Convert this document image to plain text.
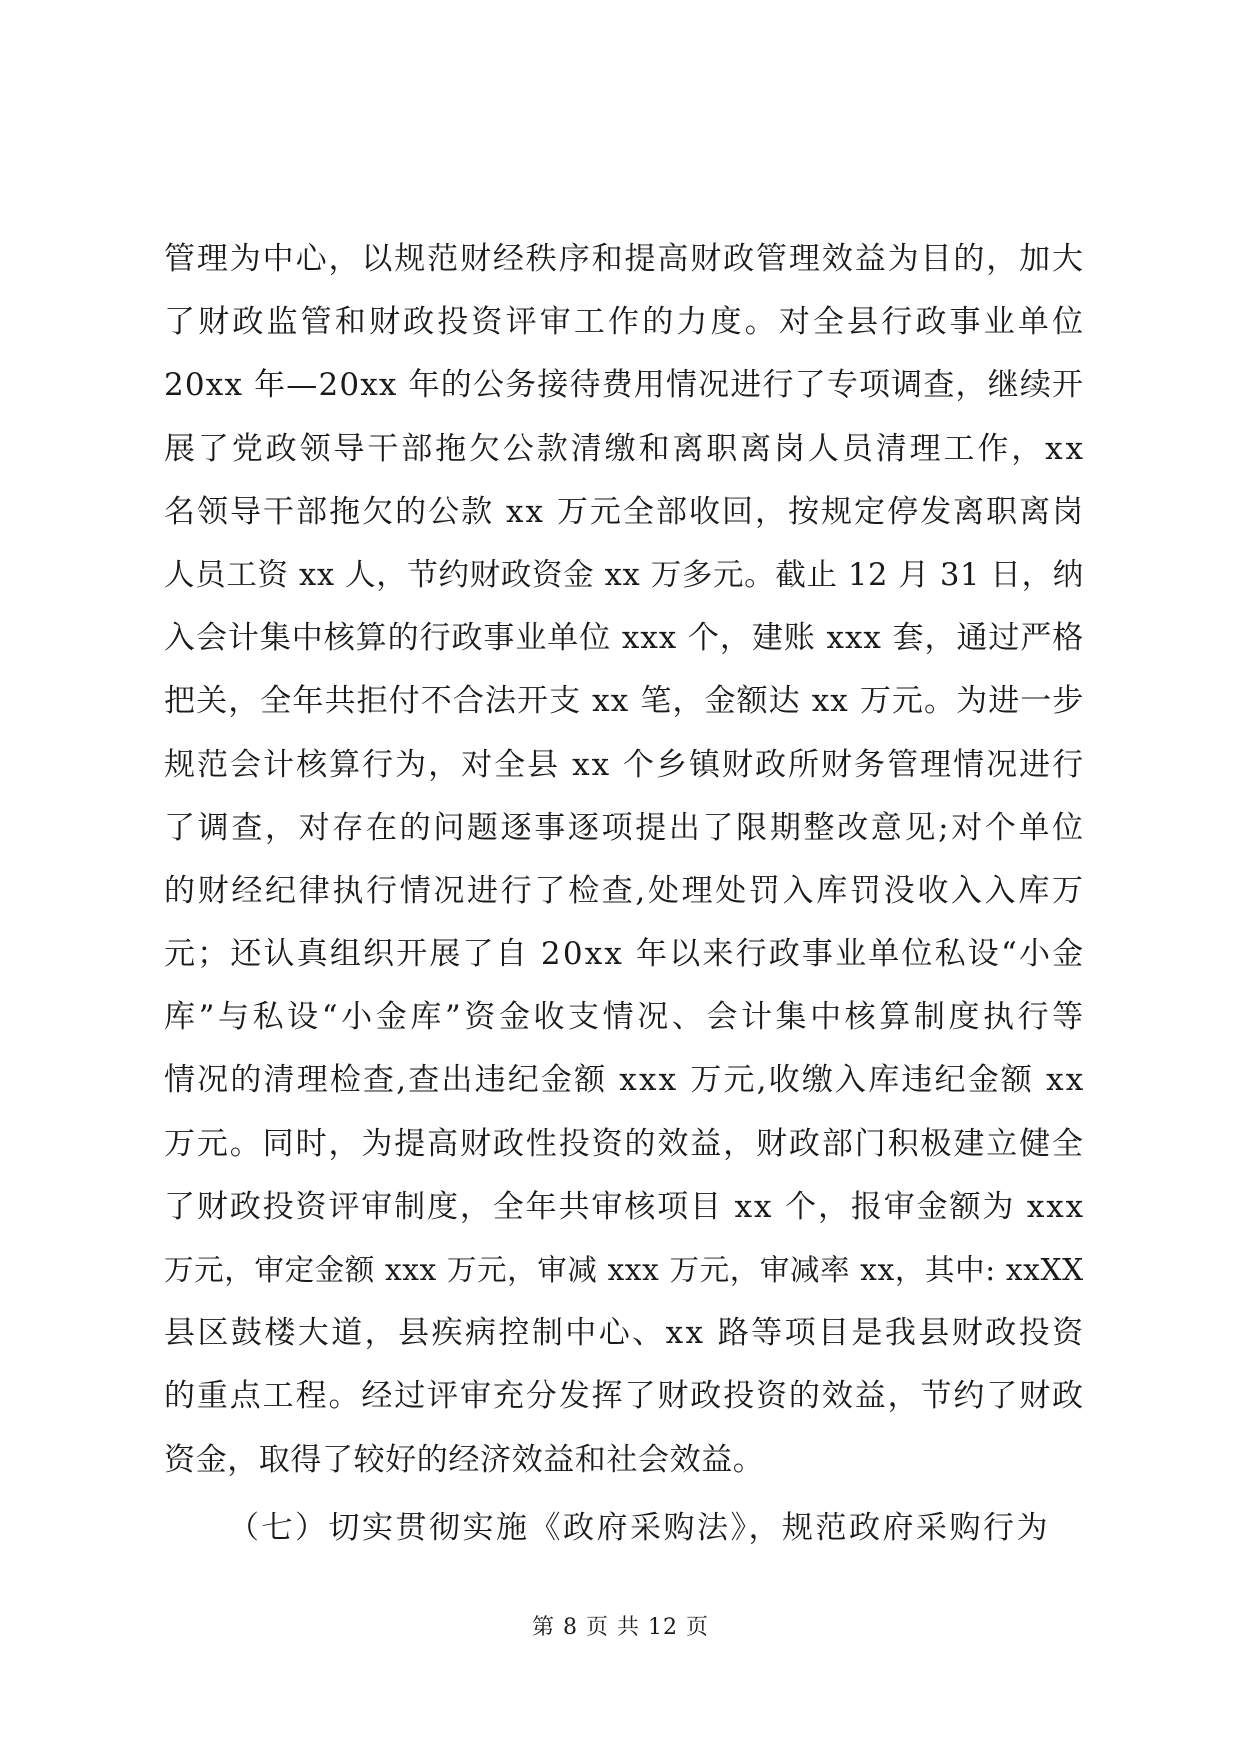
管 理 为 中 心 ， 以 规 范 财 经 秩 序 和 提 高 财 政 管 理 效 益 为 目 的 ， 加 大
了 财 政 监 管 和 财 政 投 资 评 审 工 作 的 力 度 。 对 全 县 行 政 事 业 单 位
2 0 x x
年 — 2 0 x x
年 的 公 务 接 待 费 用 情 况 进 行 了 专 项 调 查 ， 继 续 开
展 了 党 政 领 导 干 部 拖 欠 公 款 清 缴 和 离 职 离 岗 人 员 清 理 工 作 ， x x
名 领 导 干 部 拖 欠 的 公 款
x x
万 元 全 部 收 回 ， 按 规 定 停 发 离 职 离 岗
人 员 工 资
x x
人 ， 节 约 财 政 资 金
x x
万 多 元 。 截 止
1 2
月
3 1
日 ， 纳
入 会 计 集 中 核 算 的 行 政 事 业 单 位
x x x
个 ， 建 账
x x x
套 ， 通 过 严 格
把 关 ， 全 年 共 拒 付 不 合 法 开 支
x x
笔 ， 金 额 达
x x
万 元 。 为 进 一 步
规 范 会 计 核 算 行 为 ， 对 全 县
x x
个 乡 镇 财 政 所 财 务 管 理 情 况 进 行
了 调 查 ， 对 存 在 的 问 题 逐 事 逐 项 提 出 了 限 期 整 改 意 见 ; 对 个 单 位
的 财 经 纪 律 执 行 情 况 进 行 了 检 查 , 处 理 处 罚 入 库 罚 没 收 入 入 库 万
元 ； 还 认 真 组 织 开 展 了 自
2 0 x x
年 以 来 行 政 事 业 单 位 私 设 “ 小 金
库 ” 与 私 设 “ 小 金 库 ” 资 金 收 支 情 况 、 会 计 集 中 核 算 制 度 执 行 等
情 况 的 清 理 检 查 , 查 出 违 纪 金 额
x x x
万 元 , 收 缴 入 库 违 纪 金 额
x x
万 元 。 同 时 ， 为 提 高 财 政 性 投 资 的 效 益 ， 财 政 部 门 积 极 建 立 健 全
了 财 政 投 资 评 审 制 度 ， 全 年 共 审 核 项 目
x x
个 ， 报 审 金 额 为
x x x
万 元 ， 审 定 金 额
x x x
万 元 ， 审 减
x x x
万 元 ， 审 减 率
x x ， 其 中 :
x x X X
县 区 鼓 楼 大 道 ， 县 疾 病 控 制 中 心 、 x x
路 等 项 目 是 我 县 财 政 投 资
的 重 点 工 程 。 经 过 评 审 充 分 发 挥 了 财 政 投 资 的 效 益 ， 节 约 了 财 政
资金，取得了较好的经济效益和社会效益。
（七）切实贯彻实施《政府采购法》，规范政府采购行为
第 8 页 共 12 页
